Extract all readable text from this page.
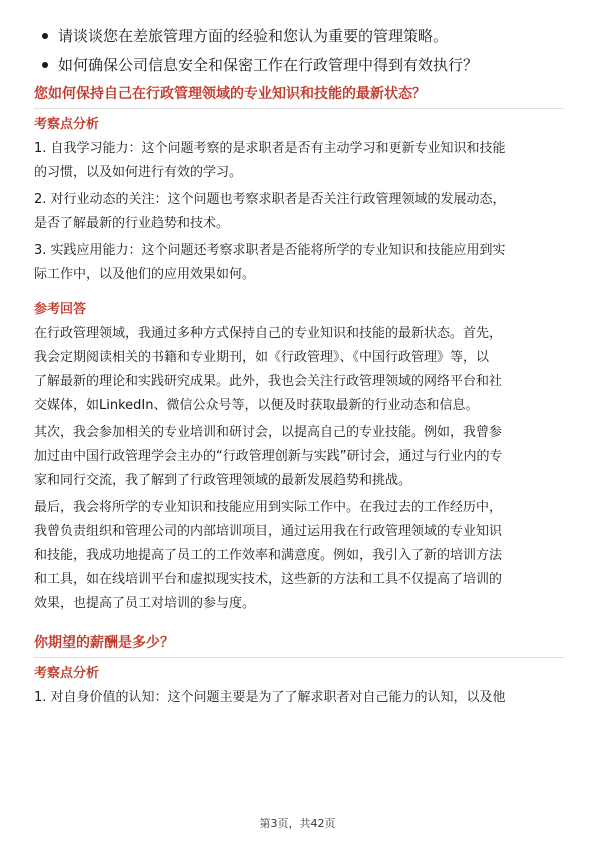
请谈谈您在差旅管理方面的经验和您认为重要的管理策略。
如何确保公司信息安全和保密工作在行政管理中得到有效执行？
您如何保持自己在行政管理领域的专业知识和技能的最新状态？
考察点分析

1. 自我学习能力：这个问题考察的是求职者是否有主动学习和更新专业知识和技能
的习惯，以及如何进行有效的学习。

2. 对行业动态的关注：这个问题也考察求职者是否关注行政管理领域的发展动态，
是否了解最新的行业趋势和技术。

3. 实践应用能力：这个问题还考察求职者是否能将所学的专业知识和技能应用到实
际工作中，以及他们的应用效果如何。

参考回答

在行政管理领域，我通过多种方式保持自己的专业知识和技能的最新状态。首先，
我会定期阅读相关的书籍和专业期刊，如《行政管理》、《中国行政管理》等，以
了解最新的理论和实践研究成果。此外，我也会关注行政管理领域的网络平台和社
交媒体，如LinkedIn、微信公众号等，以便及时获取最新的行业动态和信息。

其次，我会参加相关的专业培训和研讨会，以提高自己的专业技能。例如，我曾参
加过由中国行政管理学会主办的“行政管理创新与实践”研讨会，通过与行业内的专
家和同行交流，我了解到了行政管理领域的最新发展趋势和挑战。

最后，我会将所学的专业知识和技能应用到实际工作中。在我过去的工作经历中，
我曾负责组织和管理公司的内部培训项目，通过运用我在行政管理领域的专业知识
和技能，我成功地提高了员工的工作效率和满意度。例如，我引入了新的培训方法
和工具，如在线培训平台和虚拟现实技术，这些新的方法和工具不仅提高了培训的
效果，也提高了员工对培训的参与度。

你期望的薪酬是多少？
考察点分析

1. 对自身价值的认知：这个问题主要是为了了解求职者对自己能力的认知，以及他

第3页，共42页
